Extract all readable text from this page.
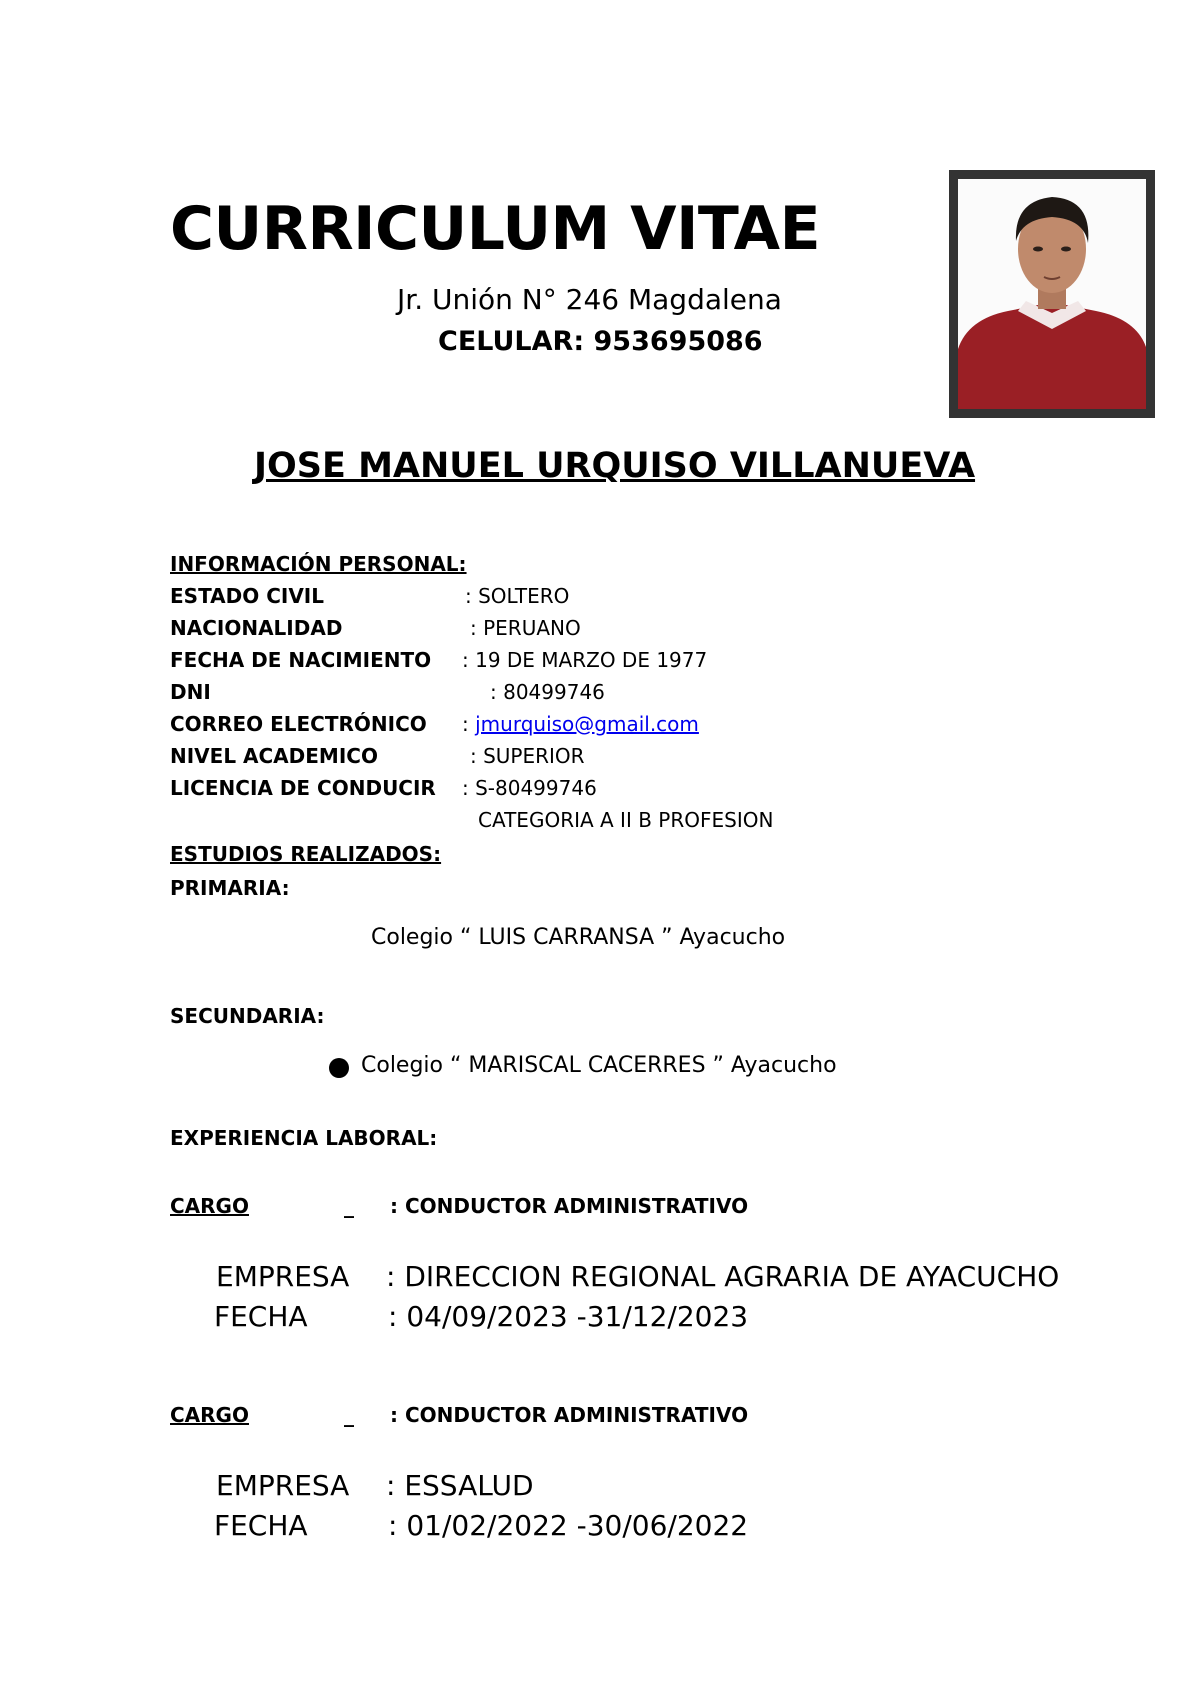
CURRICULUM VITAE
Jr. Unión N° 246 Magdalena
CELULAR: 953695086
JOSE MANUEL URQUISO VILLANUEVA
INFORMACIÓN PERSONAL:
ESTADO CIVIL	: SOLTERO
NACIONALIDAD	: PERUANO
FECHA DE NACIMIENTO : 19 DE MARZO DE 1977
DNI	: 80499746
CORREO ELECTRÓNICO : jmurquiso@gmail.com
NIVEL ACADEMICO	: SUPERIOR
LICENCIA DE CONDUCIR : S-80499746
CATEGORIA A II B PROFESION
ESTUDIOS REALIZADOS:
PRIMARIA:
Colegio “ LUIS CARRANSA ” Ayacucho
SECUNDARIA:
Colegio “ MARISCAL CACERRES ” Ayacucho
EXPERIENCIA LABORAL:
CARGO	_ : CONDUCTOR ADMINISTRATIVO
EMPRESA : DIRECCION REGIONAL AGRARIA DE AYACUCHO
FECHA	: 04/09/2023 -31/12/2023
CARGO	_ : CONDUCTOR ADMINISTRATIVO
EMPRESA : ESSALUD
FECHA	: 01/02/2022 -30/06/2022
